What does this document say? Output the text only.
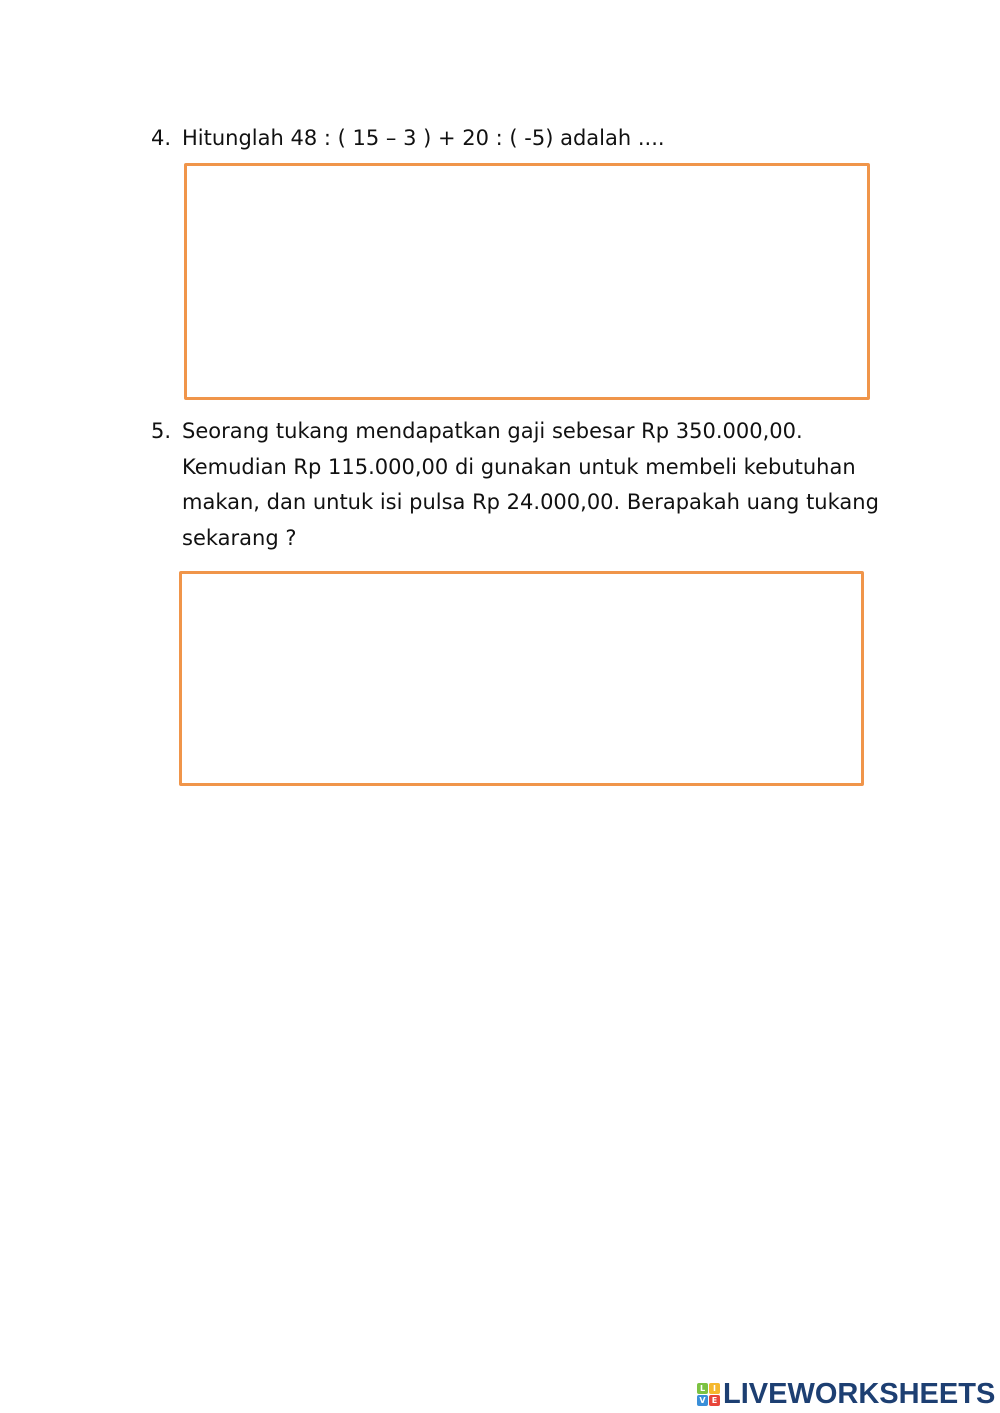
4. Hitunglah 48 : ( 15 – 3 ) + 20 : ( -5) adalah ....
5. Seorang tukang mendapatkan gaji sebesar Rp 350.000,00.
Kemudian Rp 115.000,00 di gunakan untuk membeli kebutuhan
makan, dan untuk isi pulsa Rp 24.000,00. Berapakah uang tukang
sekarang ?
L I
V E LIVEWORKSHEETS
